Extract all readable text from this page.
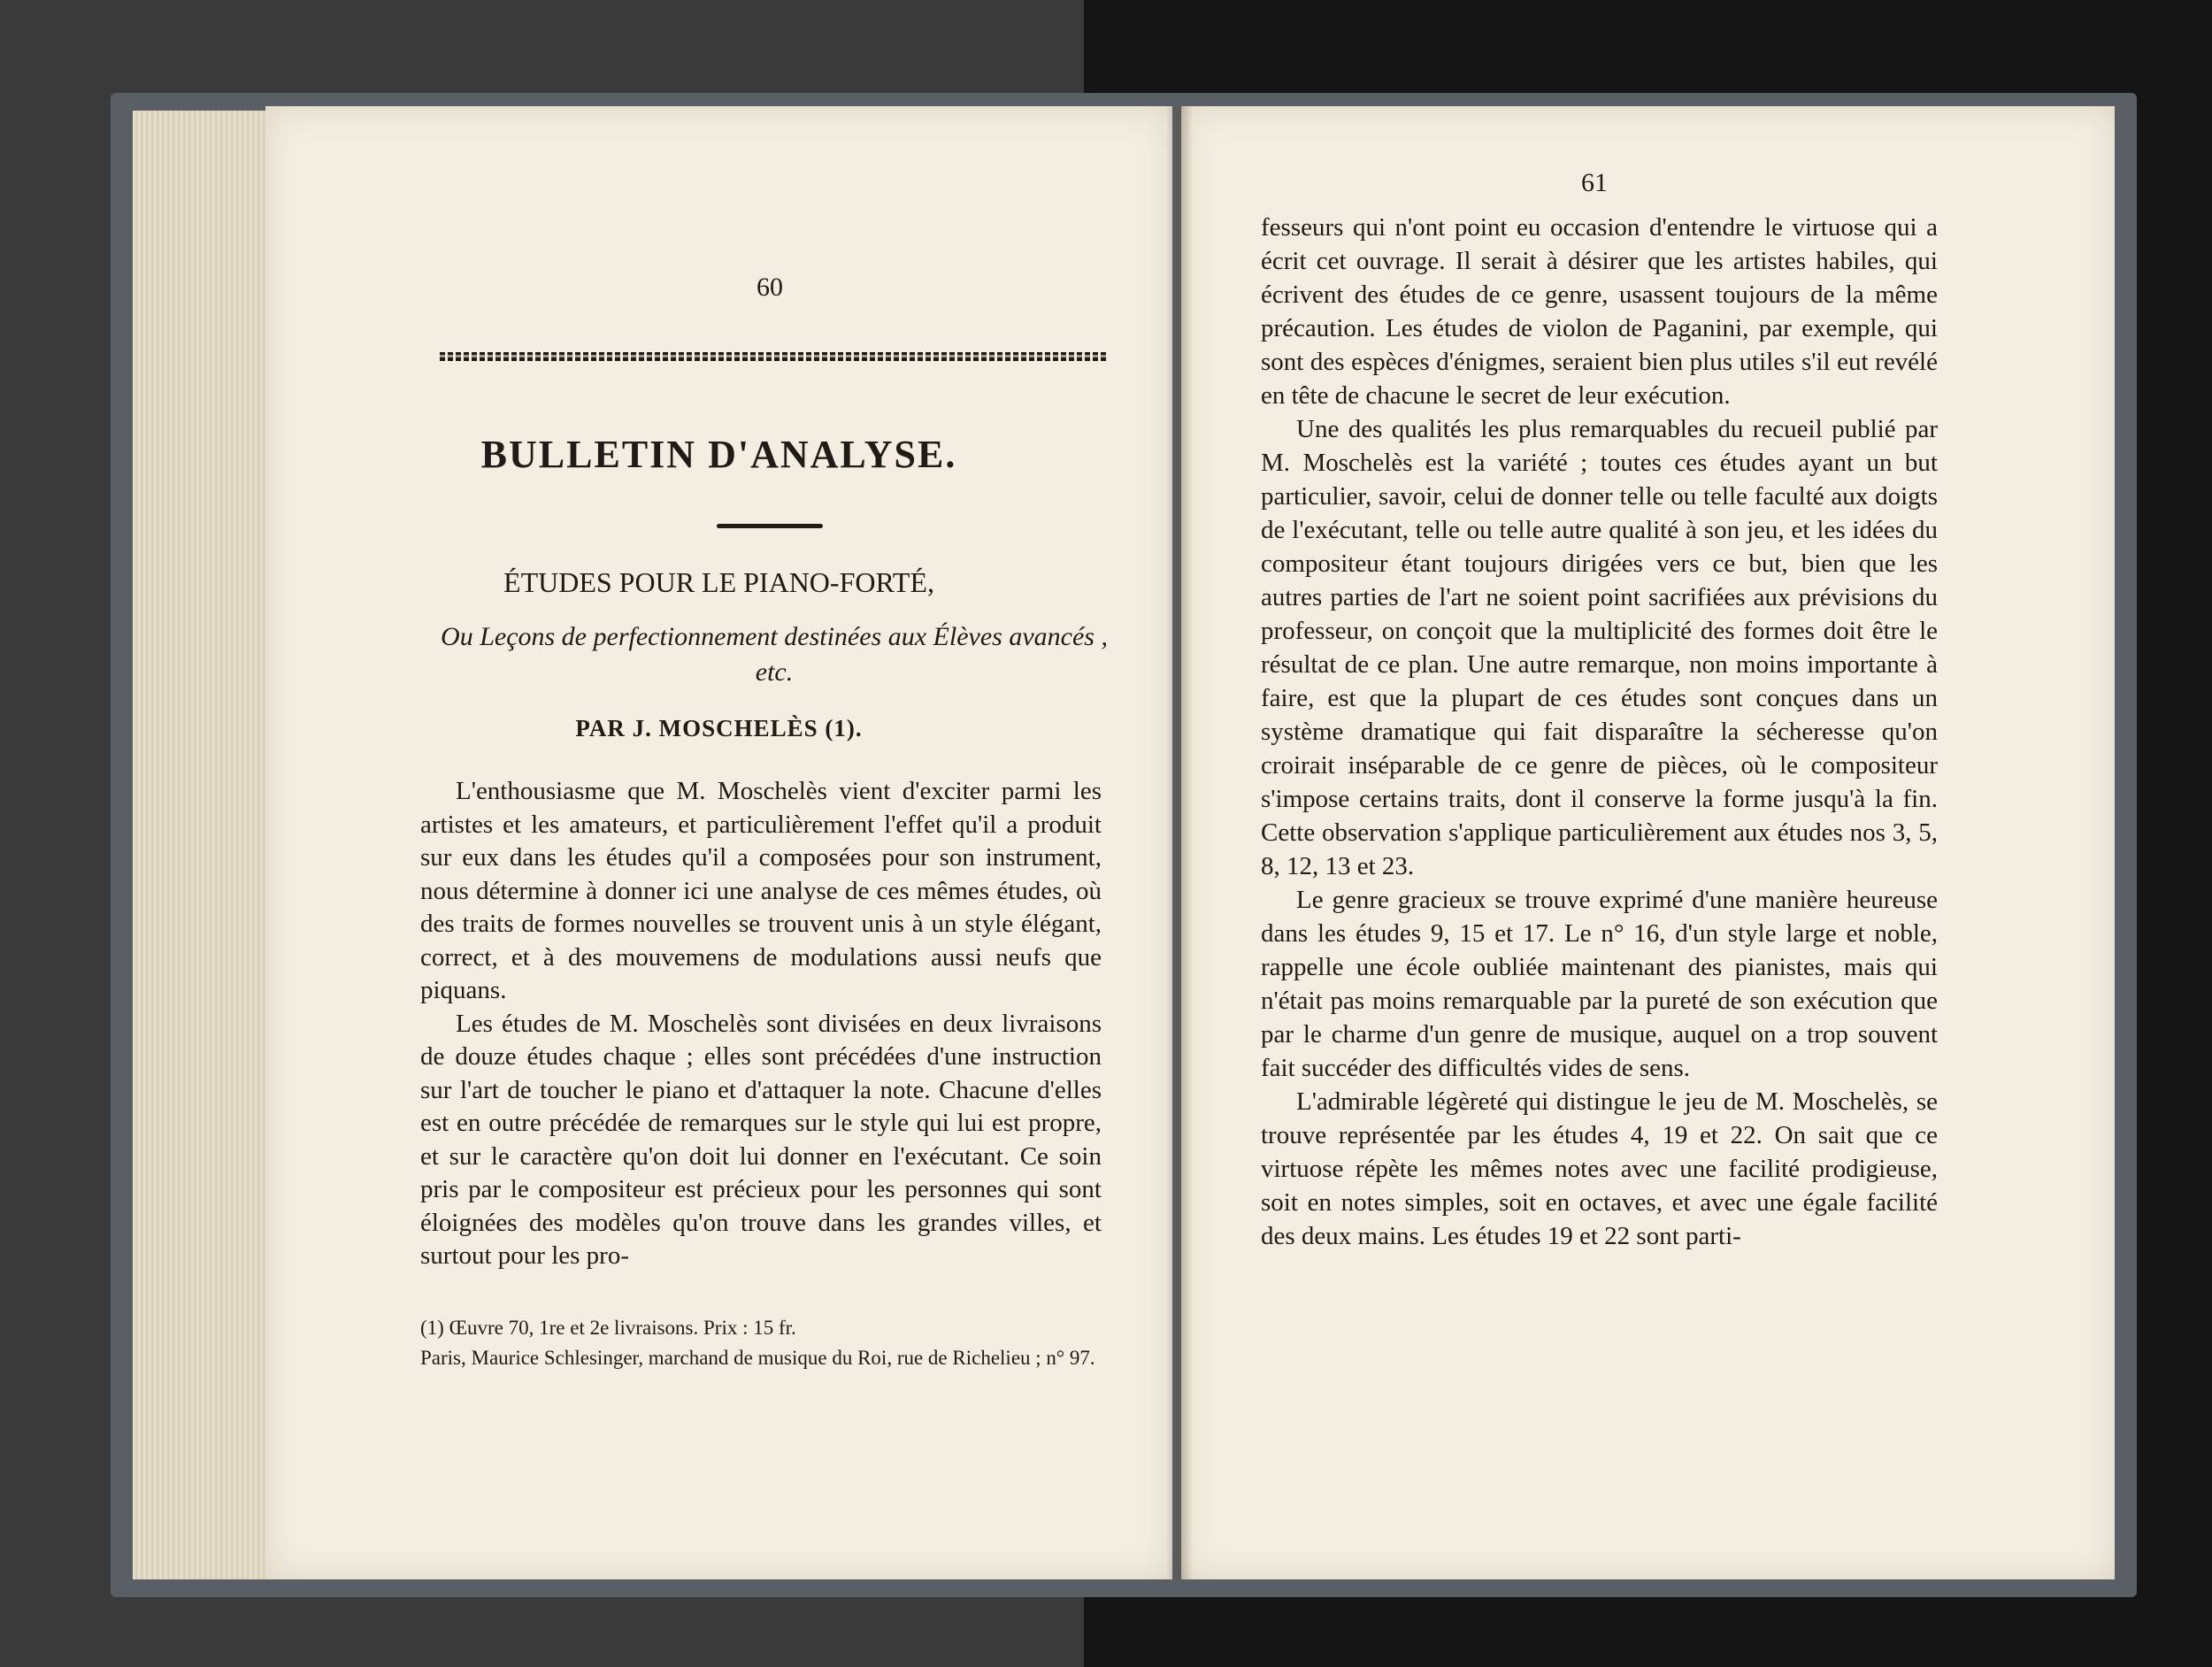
60
BULLETIN D'ANALYSE.
ÉTUDES POUR LE PIANO-FORTÉ,
Ou Leçons de perfectionnement destinées aux Élèves avancés , etc.
PAR J. MOSCHELÈS (1).

L'enthousiasme que M. Moschelès vient d'exciter parmi les artistes et les amateurs, et particulièrement l'effet qu'il a produit sur eux dans les études qu'il a composées pour son instrument, nous détermine à donner ici une analyse de ces mêmes études, où des traits de formes nouvelles se trouvent unis à un style élégant, correct, et à des mouvemens de modulations aussi neufs que piquans.

Les études de M. Moschelès sont divisées en deux livraisons de douze études chaque ; elles sont précédées d'une instruction sur l'art de toucher le piano et d'attaquer la note. Chacune d'elles est en outre précédée de remarques sur le style qui lui est propre, et sur le caractère qu'on doit lui donner en l'exécutant. Ce soin pris par le compositeur est précieux pour les personnes qui sont éloignées des modèles qu'on trouve dans les grandes villes, et surtout pour les pro-

(1) Œuvre 70, 1re et 2e livraisons. Prix : 15 fr.

Paris, Maurice Schlesinger, marchand de musique du Roi, rue de Richelieu ; n° 97.

61

fesseurs qui n'ont point eu occasion d'entendre le virtuose qui a écrit cet ouvrage. Il serait à désirer que les artistes habiles, qui écrivent des études de ce genre, usassent toujours de la même précaution. Les études de violon de Paganini, par exemple, qui sont des espèces d'énigmes, seraient bien plus utiles s'il eut revélé en tête de chacune le secret de leur exécution.

Une des qualités les plus remarquables du recueil publié par M. Moschelès est la variété ; toutes ces études ayant un but particulier, savoir, celui de donner telle ou telle faculté aux doigts de l'exécutant, telle ou telle autre qualité à son jeu, et les idées du compositeur étant toujours dirigées vers ce but, bien que les autres parties de l'art ne soient point sacrifiées aux prévisions du professeur, on conçoit que la multiplicité des formes doit être le résultat de ce plan. Une autre remarque, non moins importante à faire, est que la plupart de ces études sont conçues dans un système dramatique qui fait disparaître la sécheresse qu'on croirait inséparable de ce genre de pièces, où le compositeur s'impose certains traits, dont il conserve la forme jusqu'à la fin. Cette observation s'applique particulièrement aux études nos 3, 5, 8, 12, 13 et 23.

Le genre gracieux se trouve exprimé d'une manière heureuse dans les études 9, 15 et 17. Le n° 16, d'un style large et noble, rappelle une école oubliée maintenant des pianistes, mais qui n'était pas moins remarquable par la pureté de son exécution que par le charme d'un genre de musique, auquel on a trop souvent fait succéder des difficultés vides de sens.

L'admirable légèreté qui distingue le jeu de M. Moschelès, se trouve représentée par les études 4, 19 et 22. On sait que ce virtuose répète les mêmes notes avec une facilité prodigieuse, soit en notes simples, soit en octaves, et avec une égale facilité des deux mains. Les études 19 et 22 sont parti-
